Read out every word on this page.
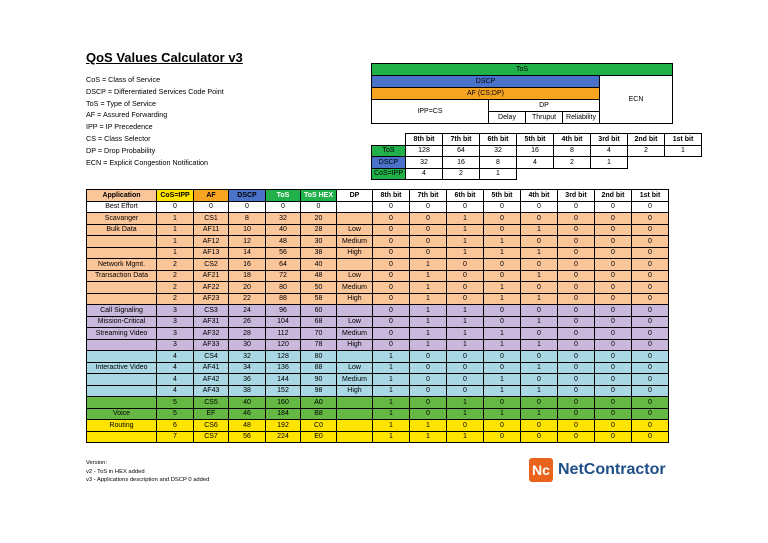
QoS Values Calculator v3
CoS = Class of Service
DSCP = Differentiated Services Code Point
ToS = Type of Service
AF = Assured Forwarding
IPP = IP Precedence
CS = Class Selector
DP = Drop Probability
ECN = Explicit Congestion Notification
ToS				
DSCP				ECN
AF (CS;DP)				
IPP=CS	DP			
	Delay	Thruput	Reliability	
	8th bit	7th bit	6th bit	5th bit	4th bit	3rd bit	2nd bit	1st bit
ToS	128	64	32	16	8	4	2	1
DSCP	32	16	8	4	2	1		
CoS=IPP	4	2	1					
Application	CoS=IPP	AF	DSCP	ToS	ToS HEX	DP	8th bit	7th bit	6th bit	5th bit	4th bit	3rd bit	2nd bit	1st bit
Best Effort	0	0	0	0	0		0	0	0	0	0	0	0	0
Scavanger	1	CS1	8	32	20		0	0	1	0	0	0	0	0
Bulk Data	1	AF11	10	40	28	Low	0	0	1	0	1	0	0	0
	1	AF12	12	48	30	Medium	0	0	1	1	0	0	0	0
	1	AF13	14	56	38	High	0	0	1	1	1	0	0	0
Network Mgmt.	2	CS2	16	64	40		0	1	0	0	0	0	0	0
Transaction Data	2	AF21	18	72	48	Low	0	1	0	0	1	0	0	0
	2	AF22	20	80	50	Medium	0	1	0	1	0	0	0	0
	2	AF23	22	88	58	High	0	1	0	1	1	0	0	0
Call Signaling	3	CS3	24	96	60		0	1	1	0	0	0	0	0
Mission-Critical	3	AF31	26	104	68	Low	0	1	1	0	1	0	0	0
Streaming Video	3	AF32	28	112	70	Medium	0	1	1	1	0	0	0	0
	3	AF33	30	120	78	High	0	1	1	1	1	0	0	0
	4	CS4	32	128	80		1	0	0	0	0	0	0	0
Interactive Video	4	AF41	34	136	88	Low	1	0	0	0	1	0	0	0
	4	AF42	36	144	90	Medium	1	0	0	1	0	0	0	0
	4	AF43	38	152	98	High	1	0	0	1	1	0	0	0
	5	CS5	40	160	A0		1	0	1	0	0	0	0	0
Voice	5	EF	46	184	B8		1	0	1	1	1	0	0	0
Routing	6	CS6	48	192	C0		1	1	0	0	0	0	0	0
	7	CS7	56	224	E0		1	1	1	0	0	0	0	0
Version:
v2 - ToS in HEX added
v3 - Applications description and DSCP 0 added
Nc NetContractor
